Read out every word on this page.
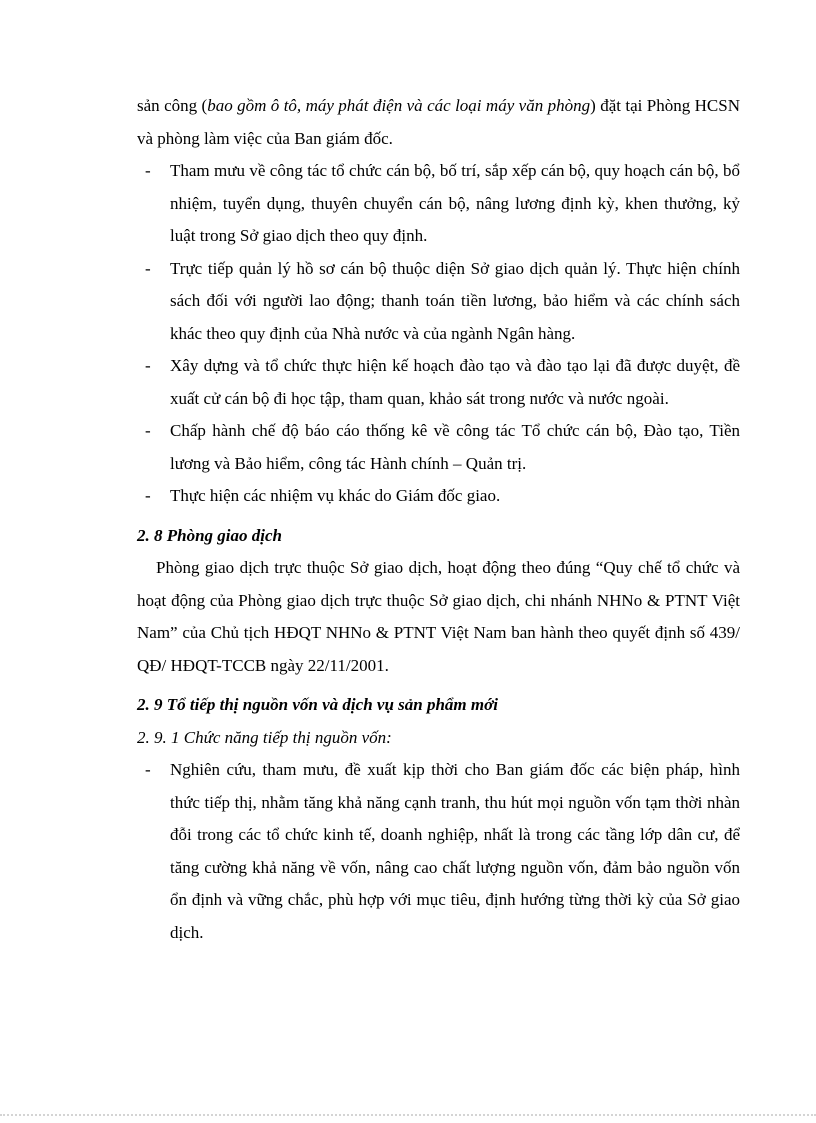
sản công (bao gồm ô tô, máy phát điện và các loại máy văn phòng) đặt tại Phòng HCSN và phòng làm việc của Ban giám đốc.

- Tham mưu về công tác tổ chức cán bộ, bố trí, sắp xếp cán bộ, quy hoạch cán bộ, bổ nhiệm, tuyển dụng, thuyên chuyển cán bộ, nâng lương định kỳ, khen thưởng, kỷ luật trong Sở giao dịch theo quy định.
- Trực tiếp quản lý hồ sơ cán bộ thuộc diện Sở giao dịch quản lý. Thực hiện chính sách đối với người lao động; thanh toán tiền lương, bảo hiểm và các chính sách khác theo quy định của Nhà nước và của ngành Ngân hàng.
- Xây dựng và tổ chức thực hiện kế hoạch đào tạo và đào tạo lại đã được duyệt, đề xuất cử cán bộ đi học tập, tham quan, khảo sát trong nước và nước ngoài.
- Chấp hành chế độ báo cáo thống kê về công tác Tổ chức cán bộ, Đào tạo, Tiền lương và Bảo hiểm, công tác Hành chính – Quản trị.
- Thực hiện các nhiệm vụ khác do Giám đốc giao.
2. 8 Phòng giao dịch

Phòng giao dịch trực thuộc Sở giao dịch, hoạt động theo đúng “Quy chế tổ chức và hoạt động của Phòng giao dịch trực thuộc Sở giao dịch, chi nhánh NHNo & PTNT Việt Nam” của Chủ tịch HĐQT NHNo & PTNT Việt Nam ban hành theo quyết định số 439/ QĐ/ HĐQT-TCCB ngày 22/11/2001.

2. 9 Tổ tiếp thị nguồn vốn và dịch vụ sản phẩm mới

2. 9. 1 Chức năng tiếp thị nguồn vốn:

- Nghiên cứu, tham mưu, đề xuất kịp thời cho Ban giám đốc các biện pháp, hình thức tiếp thị, nhằm tăng khả năng cạnh tranh, thu hút mọi nguồn vốn tạm thời nhàn đỗi trong các tổ chức kinh tế, doanh nghiệp, nhất là trong các tầng lớp dân cư, để tăng cường khả năng về vốn, nâng cao chất lượng nguồn vốn, đảm bảo nguồn vốn ổn định và vững chắc, phù hợp với mục tiêu, định hướng từng thời kỳ của Sở giao dịch.
